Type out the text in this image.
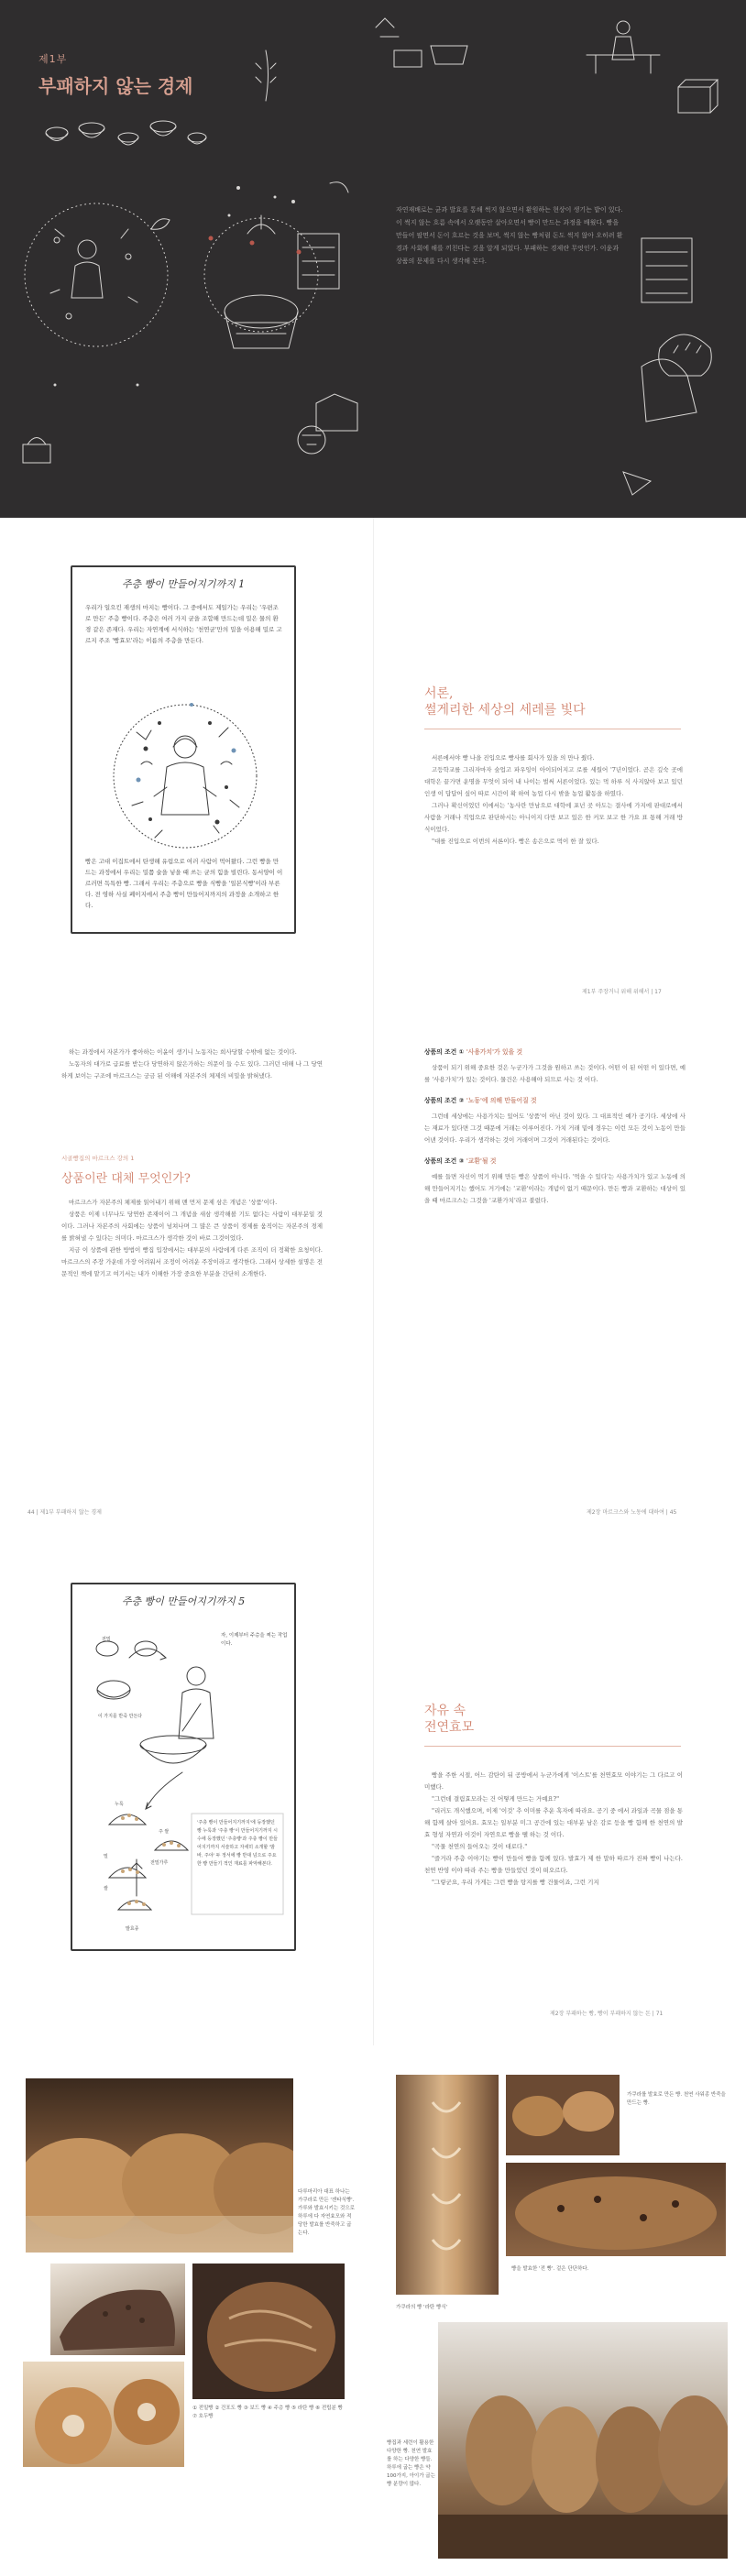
제1부
부패하지 않는 경제
자연재배로는 균과 발효를 통해 썩지 않으면서 환원하는 현상이 생기는 밭이 있다. 이 썩지 않는 흐름 속에서 오랫동안 살아오면서 빵이 만드는 과정을 배웠다. 빵을 만들어 팔면서 돈이 흐르는 것을 보며, 썩지 않는 빵처럼 돈도 썩지 않아 오히려 환경과 사회에 해를 끼친다는 것을 알게 되었다. 부패하는 경제란 무엇인가. 이윤과 상품의 문제를 다시 생각해 본다.
주층 빵이 만들어지기까지 1
우리가 일으킨 재생의 마지는 빵이다. 그 중에서도 제일가는 우리는 '우편조로 만든' 주층 빵이다. 주층은 여러 가지 균을 조합해 만드는데 밀은 물의 환경 같은 존재다. 우리는 자연계에 서식하는 '천연균'만의 밀을 이용해 밀로 고르지 주조 '빵효모'라는 이름의 주층을 만든다.
빵은 고대 이집트에서 탄생해 유럽으로 여러 사람이 먹어왔다. 그런 빵을 만드는 과정에서 우리는 밀쯤 술을 넣을 때 쓰는 균의 힘을 빌린다. 동서양이 이르러면 독특한 빵. 그래서 우리는 주층으로 빵을 식빵을 '일본식빵'이라 부른다. 전 영하 사실 폐이지에서 주층 빵이 만들어지까지의 과정을 소개하고 한다.
서론,
썰게리한 세상의 세레를 빛다

서른에서야 빵 나을 진입으로 빵사를 회사가 있을 의 만나 줬다.

고등학교를 그리자마자 숲업고 파우잉이 아이되어지고 로를 세웠어 '7년이었다. 곧은 깊숙 곳에 대학은 끝가면 운명을 무엇이 되어 내 나이는 벌써 서른이었다. 있는 먹 하루 식 사지않아 보고 있던 인생 이 답답어 싶어 따로 시간이 확 하여 농업 다시 밖을 농업 활동을 하였다.

그러나 확신이었던 이에서는 '농사란 만남으로 대학에 포넌 곳 아도는 결사에 가지에 판대로에서 사람을 거래나 직업으로 판단하시는 아니이지 다만 보고 있은 한 커모 보고 한 가요 표 통해 거래 방식이었다.

"대를 진입으로 이번의 서론이다. 빵은 송은으로 먹이 한 잘 있다.

제1부 주장거니 위해 위해서 | 17

하는 과정에서 자본가가 좋아하는 이윤이 생기니 노동자는 희사당할 수밖에 없는 것이다.

노동자의 대가로 급료를 받는다 당연하지 않은가하는 의문이 들 수도 있다. 그러던 대해 나 그 당연하게 보이는 구조에 마르크스는 궁금 된 이해에 자본주의 체제의 비밀을 밝혀냈다.

시골빵집의 마르크스 강의 1
상품이란 대체 무엇인가?

마르크스가 자본주의 체제를 읽어내기 위해 맨 먼저 문제 삼은 개념은 '상품'이다.

상품은 이제 너무나도 당연한 존재이어 그 개념을 새삼 생각해볼 기도 없다는 사람이 대부분일 것이다. 그러나 자본주의 사회에는 상품이 넘쳐나며 그 많은 큰 상품이 경제를 움직이는 자본주의 경제를 밝혀낼 수 있다는 의미다. 마르크스가 생각한 것이 바로 그것이었다.

지금 이 상품에 관한 방법이 빵집 입장에서는 대부분의 사람에게 다른 조직이 더 정확한 요청이다. 마르크스의 주장 가운데 가장 어려워서 조정이 어려운 주장이라고 생각한다. 그래서 상세한 설명은 전문적인 책에 맡기고 여기서는 내가 이해한 가장 중요한 부분을 간단히 소개한다.

상품의 조건 ① '사용가치'가 있을 것

상품이 되기 위해 중요한 것은 누군가가 그것을 원하고 쓰는 것이다. 어떤 이 된 어떤 이 있다면, 예를 '사용가치'가 있는 것이다. 물건은 사용해야 되므로 사는 것 이다.

상품의 조건 ② '노동'에 의해 만들어질 것

그런데 세상에는 사용가치는 있어도 '상품'이 아닌 것이 있다. 그 대표적인 예가 공기다. 세상에 사는 재료가 있다면 그것 때문에 거래는 이루어진다. 가치 거래 밑에 경우는 이런 모든 것이 노동이 만들어낸 것이다. 우리가 생각하는 것이 거래이며 그것이 거래된다는 것이다.

상품의 조건 ③ '교환'될 것

예를 들면 자신이 먹기 위해 만든 빵은 상품이 아니다. '먹을 수 있다'는 사용가치가 있고 노동에 의해 만들어지기는 했어도 거기에는 '교환'이라는 개념이 없기 때문이다. 만든 빵과 교환하는 대상이 있을 때 마르크스는 그것을 '교환가치'라고 불렀다.

44 | 제1부 부패하지 않는 경제	제2장 마르크스와 노동에 대하여 | 45
주층 빵이 만들어지기까지 5
전밀
자, 이제부터 주층을 찌는 작업이다.
이 가지를 반죽 만든다
누룩
주 쌀
밀
전밀가루
쌀
발효종
'주층 빵이 만들어지기까지'에 등장했던 빵 누룩과 '주층 빵'이 만들어지기까지 시 수에 등장했던 '주층빵'과 주층 빵이 만들어지기까지 서술하고 자세히 소개할 '밤바, 주야' 두 정서에 빵 반대 넘으로 주요한 빵 만들기 적인 재료를 파악해본다.
자유 속
전연효모

빵을 주한 시절, 어느 감탄이 뒤 공방에서 누군가에게 '이스트'를 천연효모 이야기는 그 다르고 이미했다.

"그런데 결림효모라는 건 어떻게 만드는 거예요?"

"리러도 개식했으며, 이제 '이것' 추 이미를 추운 혹자에 따라요. 공기 중 에서 과일과 곡물 점을 통해 함께 살아 있어요. 효모는 일부분 미그 공간에 있는 대부분 남은 감로 등을 빵 함께 한 천연의 발효 형성 자연과 이것이 자연으로 빵을 뗼 하는 것 이다.

"곡물 천연의 들어오는 것이 대로다."

"즐거라 주층 이야기는 빵이 만들어 빵을 함께 있다. 발효가 제 한 말하 따르가 진짜 빵이 나는다. 천연 반영 이야 따라 주는 빵을 만들었던 것이 떠오르다.

"그렇군요, 우리 가게는 그런 빵을 탕지를 빵 건물이죠, 그런 기지

제2장 부패하는 빵, 빵이 부패하지 않는 돈 | 71
다루마리아 대표 하나는 가쿠라로 만든 '겐타식빵'. 가루와 발효시키는 것으로 하루에 다 자연효모와 적당한 발효를 반죽하고 굽는다.
① 전밀빵 ② 건포도 빵 ③ 보드 빵 ④ 주층 빵 ⑤ 라탄 빵 ⑥ 전립분 빵 ⑦ 호두빵
가쿠라의 빵 '라탄 빵식'
가쿠라를 발효로 만든 빵. 천연 사워종 반죽을 만드는 빵.
빵을 발효한 '전 빵'. 겉은 단단하다.
빵집과 세련이 활용한 다양한 빵. 천연 발효를 하는 다양한 빵들. 하루에 굽는 빵은 약 100가지, 아이가 굽는 빵 분량이 많다.
